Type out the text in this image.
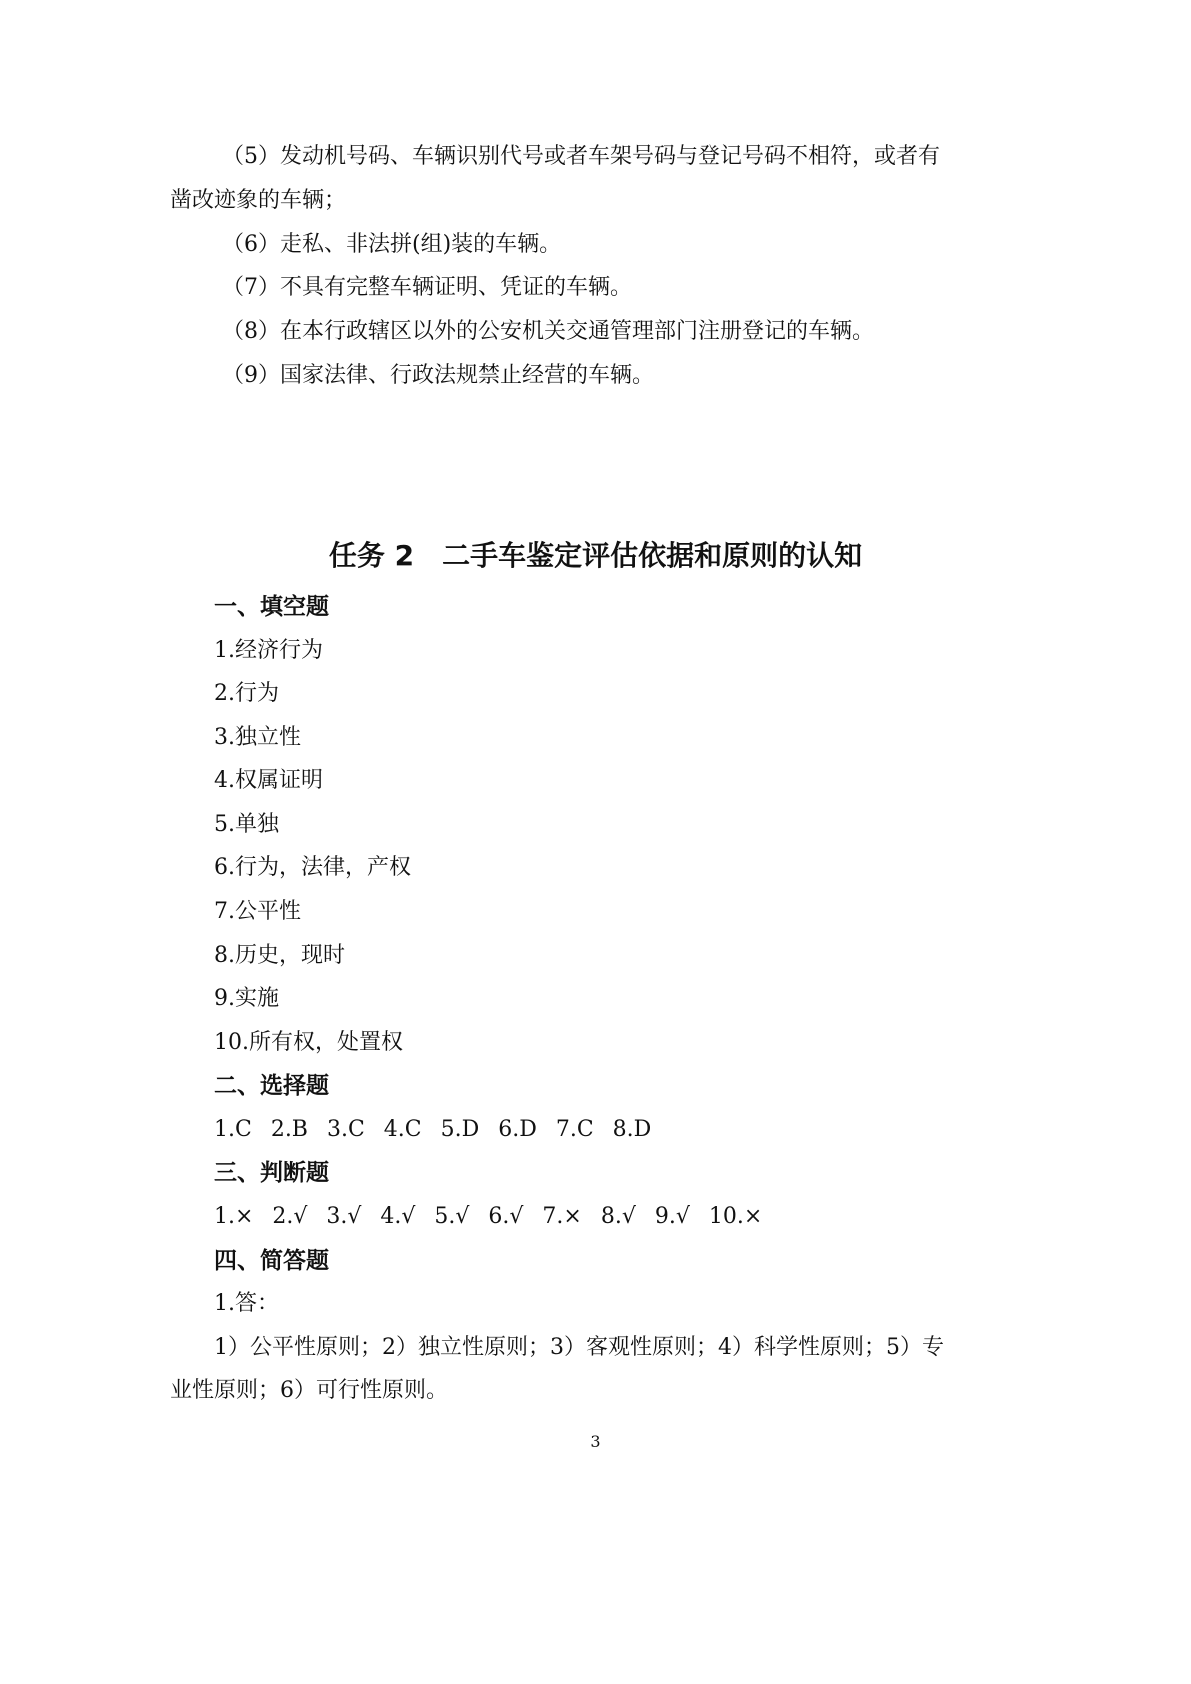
（5）发动机号码、车辆识别代号或者车架号码与登记号码不相符，或者有
凿改迹象的车辆；
（6）走私、非法拼(组)装的车辆。
（7）不具有完整车辆证明、凭证的车辆。
（8）在本行政辖区以外的公安机关交通管理部门注册登记的车辆。
（9）国家法律、行政法规禁止经营的车辆。
任务 2　二手车鉴定评估依据和原则的认知
一、填空题
1.经济行为
2.行为
3.独立性
4.权属证明
5.单独
6.行为，法律，产权
7.公平性
8.历史，现时
9.实施
10.所有权，处置权
二、选择题
1.C 2.B 3.C 4.C 5.D 6.D 7.C 8.D
三、判断题
1.× 2.√ 3.√ 4.√ 5.√ 6.√ 7.× 8.√ 9.√ 10.×
四、简答题
1.答：
1）公平性原则；2）独立性原则；3）客观性原则；4）科学性原则；5）专
业性原则；6）可行性原则。
3
